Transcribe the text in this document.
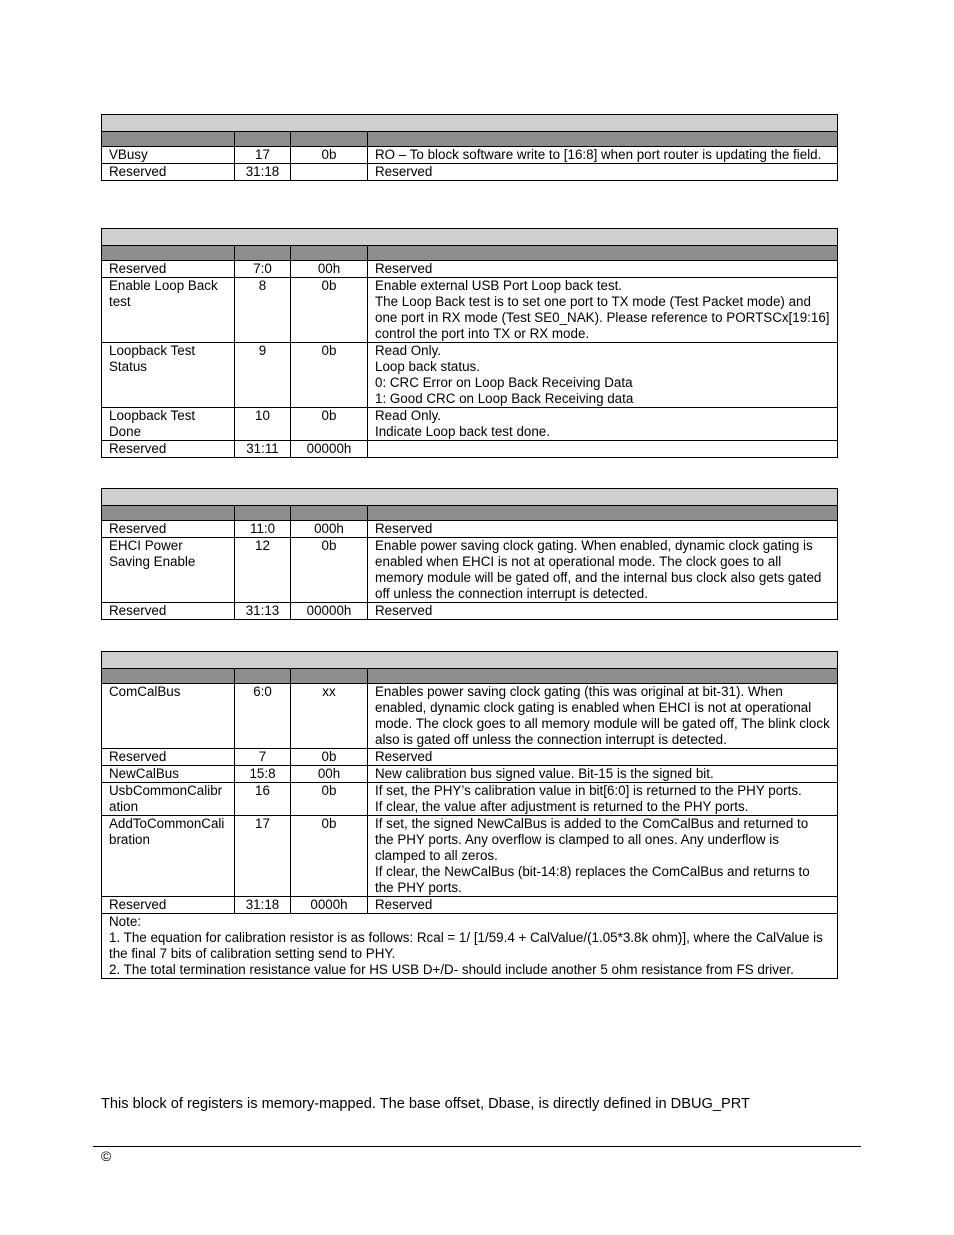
VBusy	17	0b	RO – To block software write to [16:8] when port router is updating the field.
Reserved	31:18		Reserved

Reserved	7:0	00h	Reserved
Enable Loop Back test	8	0b	Enable external USB Port Loop back test.
The Loop Back test is to set one port to TX mode (Test Packet mode) and one port in RX mode (Test SE0_NAK). Please reference to PORTSCx[19:16] control the port into TX or RX mode.
Loopback Test Status	9	0b	Read Only.
Loop back status.
0: CRC Error on Loop Back Receiving Data
1: Good CRC on Loop Back Receiving data
Loopback Test Done	10	0b	Read Only.
Indicate Loop back test done.
Reserved	31:11	00000h	

Reserved	11:0	000h	Reserved
EHCI Power Saving Enable	12	0b	Enable power saving clock gating. When enabled, dynamic clock gating is enabled when EHCI is not at operational mode. The clock goes to all memory module will be gated off, and the internal bus clock also gets gated off unless the connection interrupt is detected.
Reserved	31:13	00000h	Reserved

ComCalBus	6:0	xx	Enables power saving clock gating (this was original at bit-31). When enabled, dynamic clock gating is enabled when EHCI is not at operational mode. The clock goes to all memory module will be gated off, The blink clock also is gated off unless the connection interrupt is detected.
Reserved	7	0b	Reserved
NewCalBus	15:8	00h	New calibration bus signed value. Bit-15 is the signed bit.
UsbCommonCalibration	16	0b	If set, the PHY’s calibration value in bit[6:0] is returned to the PHY ports.
If clear, the value after adjustment is returned to the PHY ports.
AddToCommonCalibration	17	0b	If set, the signed NewCalBus is added to the ComCalBus and returned to the PHY ports. Any overflow is clamped to all ones. Any underflow is clamped to all zeros.
If clear, the NewCalBus (bit-14:8) replaces the ComCalBus and returns to the PHY ports.
Reserved	31:18	0000h	Reserved
Note:
1. The equation for calibration resistor is as follows: Rcal = 1/ [1/59.4 + CalValue/(1.05*3.8k ohm)], where the CalValue is the final 7 bits of calibration setting send to PHY.
2. The total termination resistance value for HS USB D+/D- should include another 5 ohm resistance from FS driver.			
This block of registers is memory-mapped. The base offset, Dbase, is directly defined in DBUG_PRT
©
